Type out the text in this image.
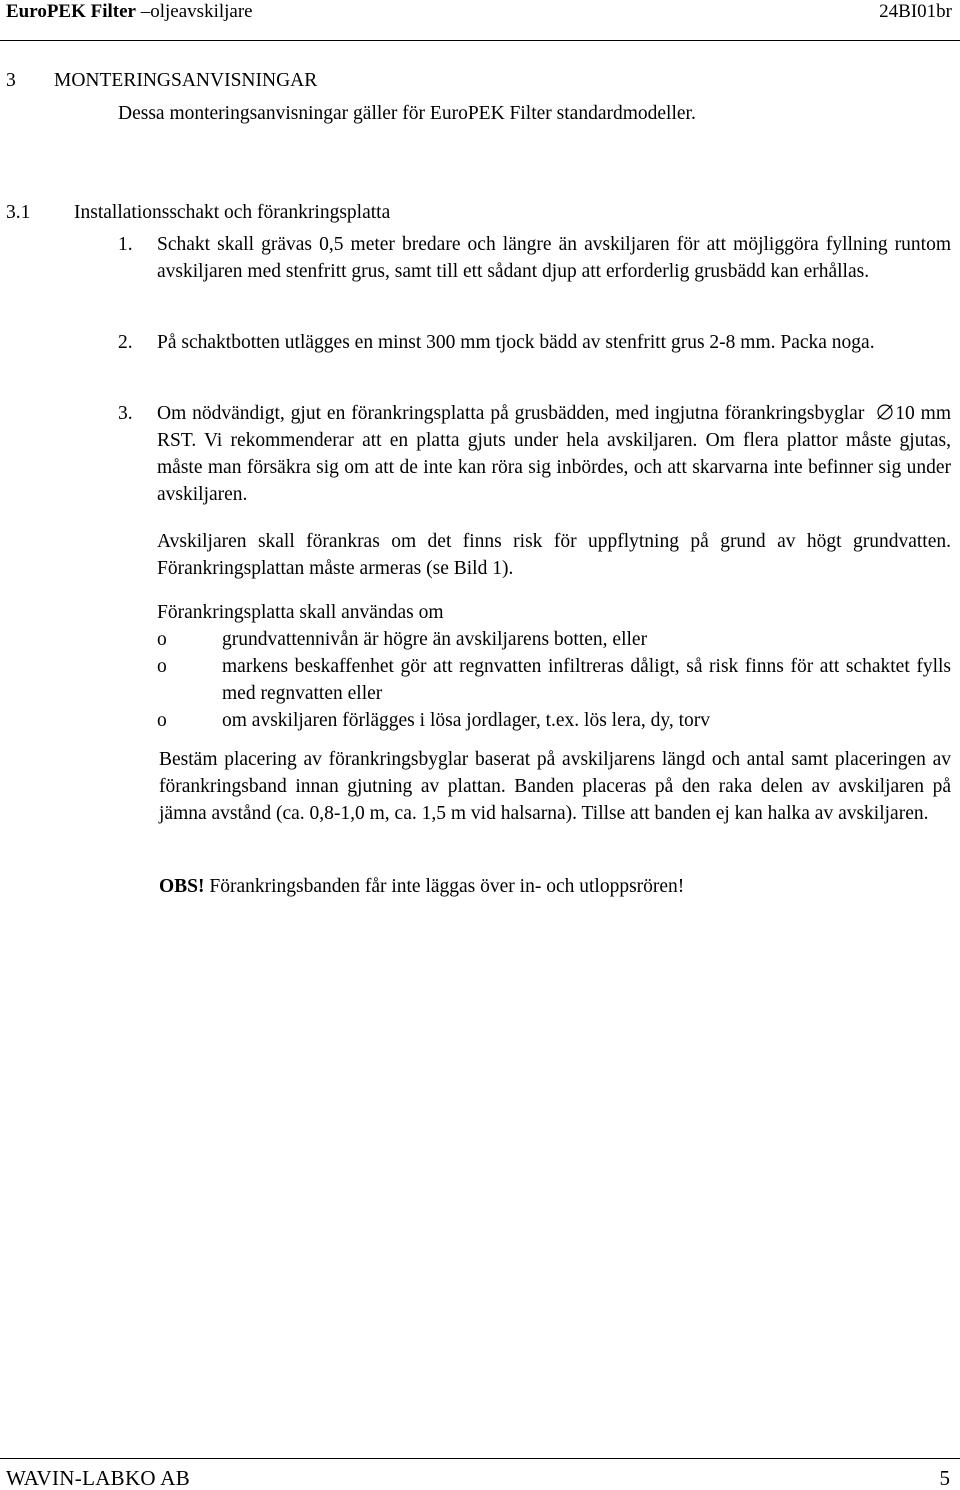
EuroPEK Filter –oljeavskiljare	24BI01br
3 MONTERINGSANVISNINGAR
Dessa monteringsanvisningar gäller för EuroPEK Filter standardmodeller.
3.1 Installationsschakt och förankringsplatta
1. Schakt skall grävas 0,5 meter bredare och längre än avskiljaren för att möjliggöra fyllning runtom avskiljaren med stenfritt grus, samt till ett sådant djup att erforderlig grusbädd kan erhållas.
2. På schaktbotten utlägges en minst 300 mm tjock bädd av stenfritt grus 2-8 mm. Packa noga.
3. Om nödvändigt, gjut en förankringsplatta på grusbädden, med ingjutna förankringsbyglar 10 mm RST. Vi rekommenderar att en platta gjuts under hela avskiljaren. Om flera plattor måste gjutas, måste man försäkra sig om att de inte kan röra sig inbördes, och att skarvarna inte befinner sig under avskiljaren.
Avskiljaren skall förankras om det finns risk för uppflytning på grund av högt grundvatten. Förankringsplattan måste armeras (se Bild 1).
Förankringsplatta skall användas om
o	grundvattennivån är högre än avskiljarens botten, eller
o	markens beskaffenhet gör att regnvatten infiltreras dåligt, så risk finns för att schaktet fylls med regnvatten eller
o	om avskiljaren förlägges i lösa jordlager, t.ex. lös lera, dy, torv
Bestäm placering av förankringsbyglar baserat på avskiljarens längd och antal samt placeringen av förankringsband innan gjutning av plattan. Banden placeras på den raka delen av avskiljaren på jämna avstånd (ca. 0,8-1,0 m, ca. 1,5 m vid halsarna). Tillse att banden ej kan halka av avskiljaren.
OBS! Förankringsbanden får inte läggas över in- och utloppsrören!
WAVIN-LABKO AB	5
